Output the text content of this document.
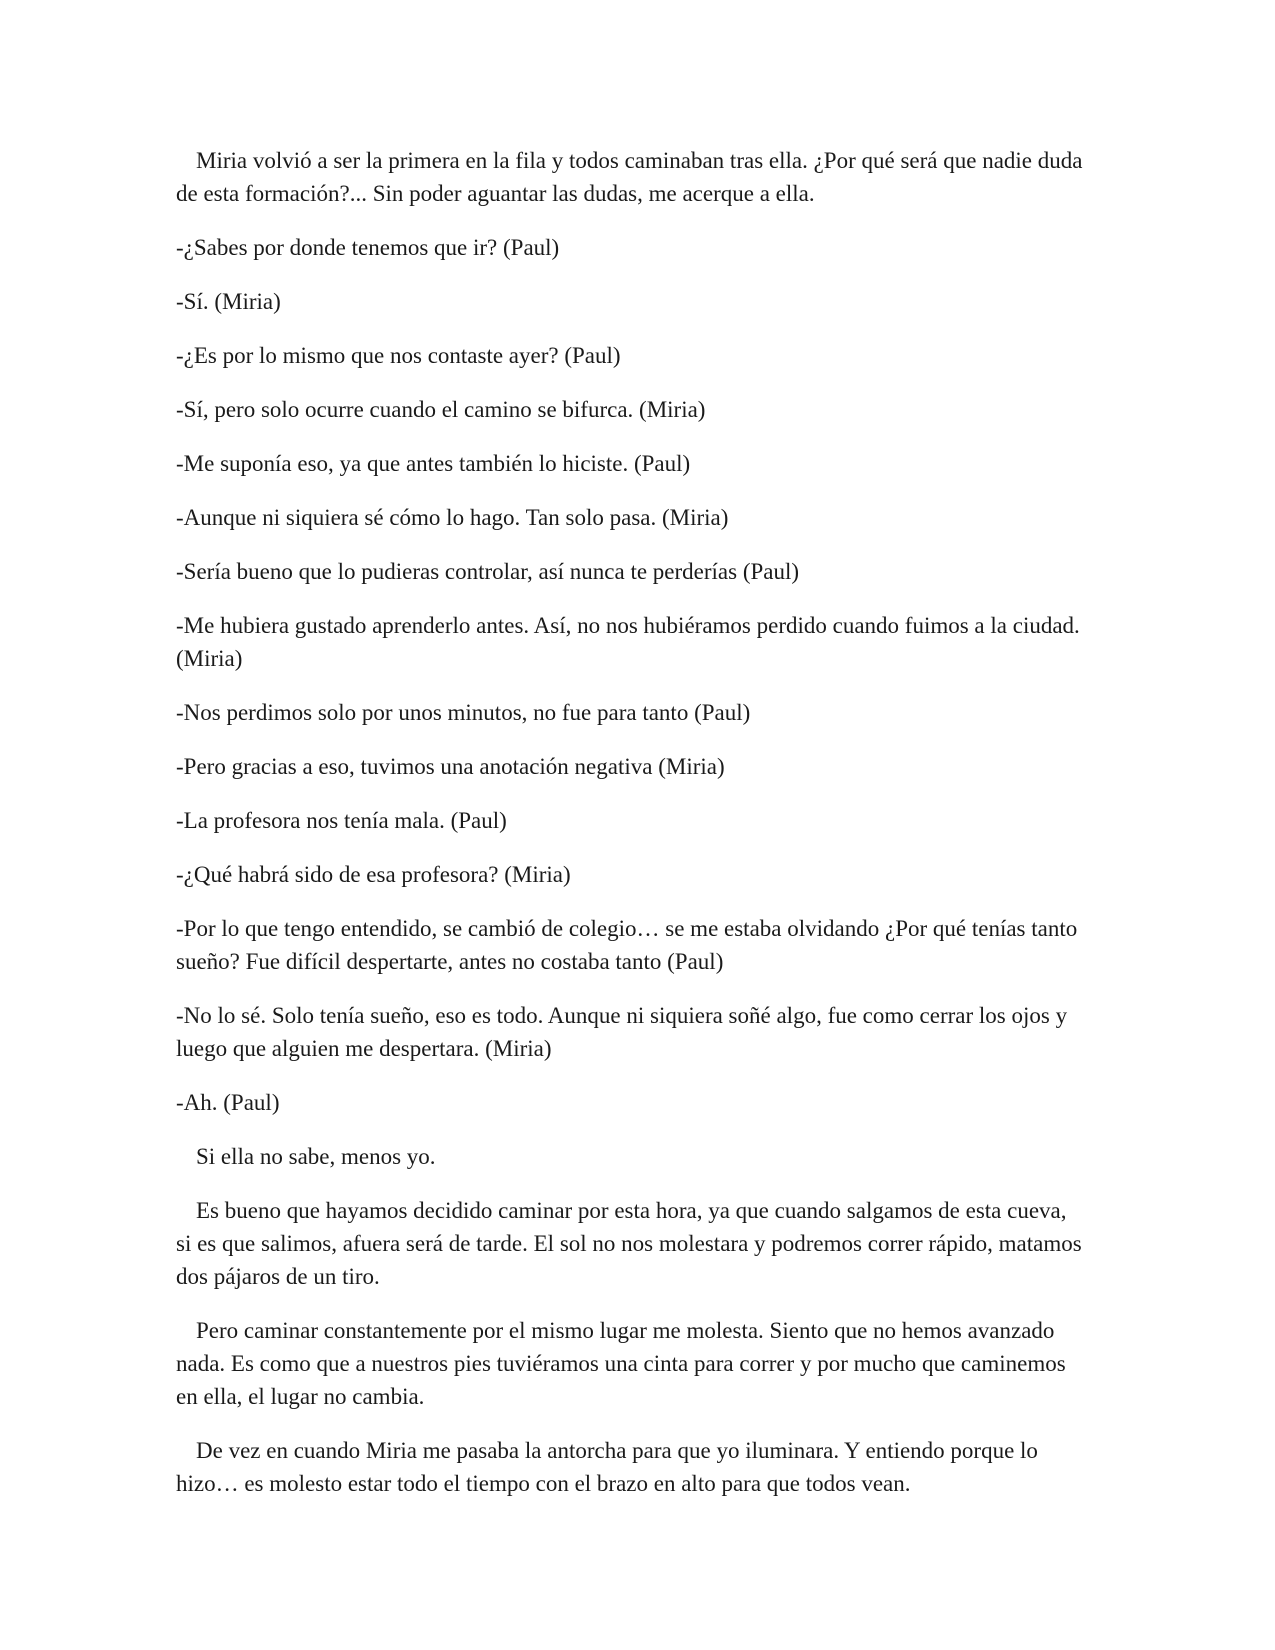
Miria volvió a ser la primera en la fila y todos caminaban tras ella. ¿Por qué será que nadie duda de esta formación?... Sin poder aguantar las dudas, me acerque a ella.

-¿Sabes por donde tenemos que ir? (Paul)

-Sí. (Miria)

-¿Es por lo mismo que nos contaste ayer? (Paul)

-Sí, pero solo ocurre cuando el camino se bifurca. (Miria)

-Me suponía eso, ya que antes también lo hiciste. (Paul)

-Aunque ni siquiera sé cómo lo hago. Tan solo pasa. (Miria)

-Sería bueno que lo pudieras controlar, así nunca te perderías (Paul)

-Me hubiera gustado aprenderlo antes. Así, no nos hubiéramos perdido cuando fuimos a la ciudad. (Miria)

-Nos perdimos solo por unos minutos, no fue para tanto (Paul)

-Pero gracias a eso, tuvimos una anotación negativa (Miria)

-La profesora nos tenía mala. (Paul)

-¿Qué habrá sido de esa profesora? (Miria)

-Por lo que tengo entendido, se cambió de colegio… se me estaba olvidando ¿Por qué tenías tanto sueño? Fue difícil despertarte, antes no costaba tanto (Paul)

-No lo sé. Solo tenía sueño, eso es todo. Aunque ni siquiera soñé algo, fue como cerrar los ojos y luego que alguien me despertara. (Miria)

-Ah. (Paul)

Si ella no sabe, menos yo.

Es bueno que hayamos decidido caminar por esta hora, ya que cuando salgamos de esta cueva, si es que salimos, afuera será de tarde. El sol no nos molestara y podremos correr rápido, matamos dos pájaros de un tiro.

Pero caminar constantemente por el mismo lugar me molesta. Siento que no hemos avanzado nada. Es como que a nuestros pies tuviéramos una cinta para correr y por mucho que caminemos en ella, el lugar no cambia.

De vez en cuando Miria me pasaba la antorcha para que yo iluminara. Y entiendo porque lo hizo… es molesto estar todo el tiempo con el brazo en alto para que todos vean.
